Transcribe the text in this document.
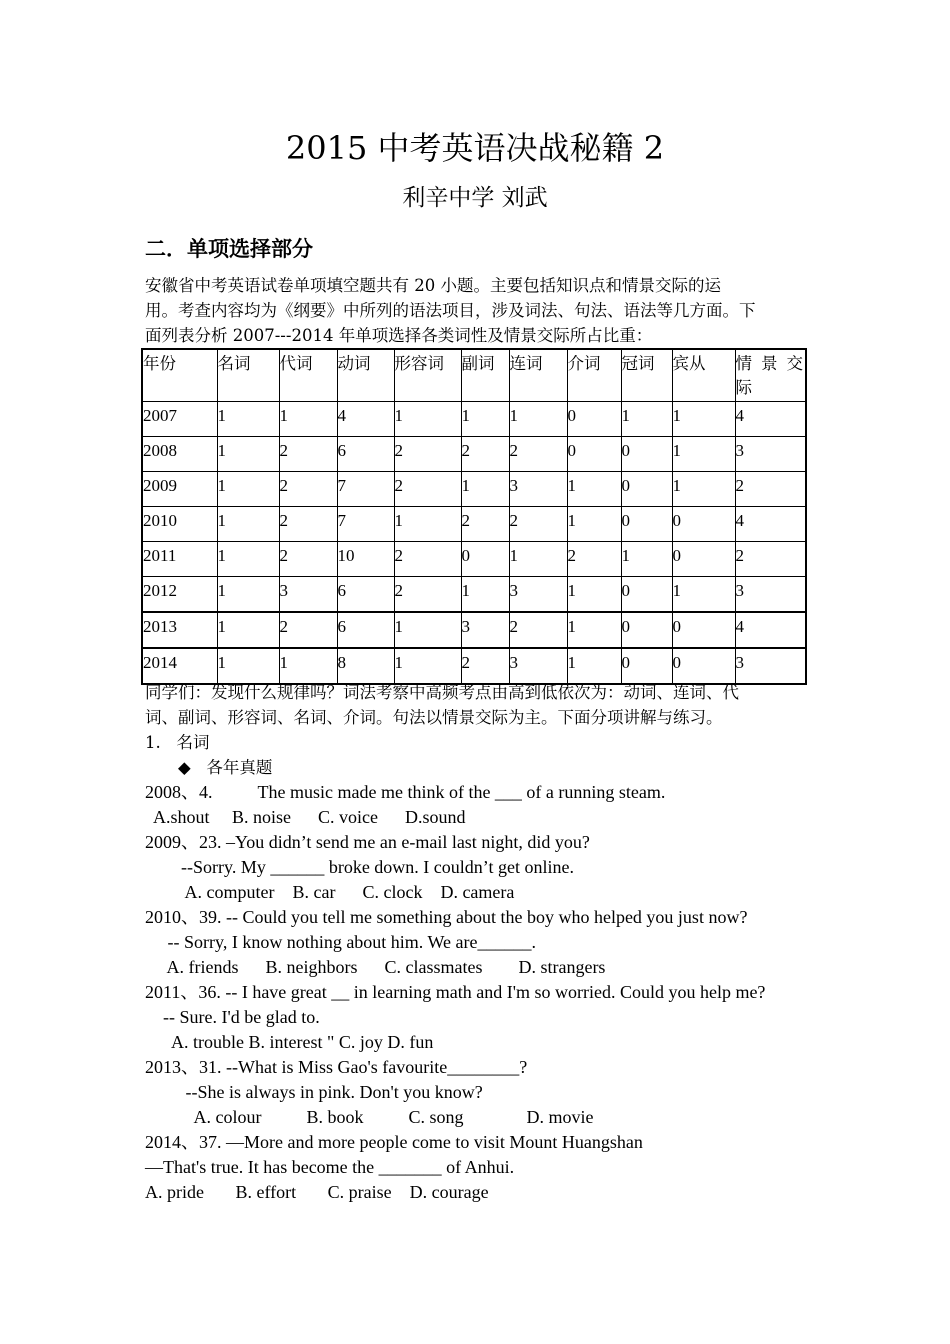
2015 中考英语决战秘籍 2
利辛中学 刘武
二．单项选择部分
安徽省中考英语试卷单项填空题共有 20 小题。主要包括知识点和情景交际的运
用。考查内容均为《纲要》中所列的语法项目，涉及词法、句法、语法等几方面。下
面列表分析 2007---2014 年单项选择各类词性及情景交际所占比重：
年份	名词	代词	动词	形容词	副词	连词	介词	冠词	宾从	情 景 交际
2007	1	1	4	1	1	1	0	1	1	4
2008	1	2	6	2	2	2	0	0	1	3
2009	1	2	7	2	1	3	1	0	1	2
2010	1	2	7	1	2	2	1	0	0	4
2011	1	2	10	2	0	1	2	1	0	2
2012	1	3	6	2	1	3	1	0	1	3
2013	1	2	6	1	3	2	1	0	0	4
2014	1	1	8	1	2	3	1	0	0	3
同学们：发现什么规律吗？词法考察中高频考点由高到低依次为：动词、连词、代
词、副词、形容词、名词、介词。句法以情景交际为主。下面分项讲解与练习。
1.   名词
◆   各年真题
2008、4.          The music made me think of the ___ of a running steam.
A.shout     B. noise      C. voice      D.sound
2009、23. –You didn’t send me an e-mail last night, did you?
--Sorry. My ______ broke down. I couldn’t get online.
A. computer    B. car      C. clock    D. camera
2010、39. -- Could you tell me something about the boy who helped you just now?
-- Sorry, I know nothing about him. We are______.
A. friends      B. neighbors      C. classmates        D. strangers
2011、36. -- I have great __ in learning math and I'm so worried. Could you help me?
-- Sure. I'd be glad to.
A. trouble B. interest " C. joy D. fun
2013、31. --What is Miss Gao's favourite________?
--She is always in pink. Don't you know?
A. colour          B. book          C. song              D. movie
2014、37. —More and more people come to visit Mount Huangshan
—That's true. It has become the _______ of Anhui.
A. pride       B. effort       C. praise    D. courage
